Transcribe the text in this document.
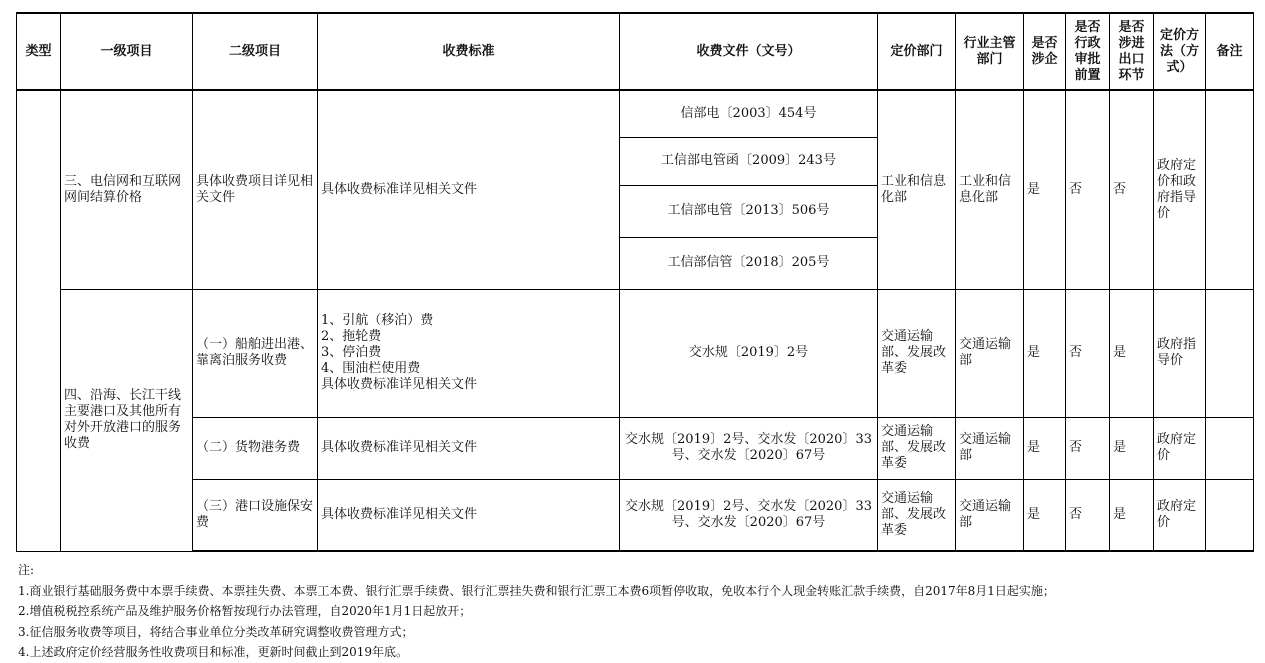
类型	一级项目	二级项目	收费标准	收费文件（文号）	定价部门	行业主管部门	是否涉企	是否行政审批前置	是否涉进出口环节	定价方法（方式）	备注
	三、电信网和互联网网间结算价格	具体收费项目详见相关文件	具体收费标准详见相关文件	信部电〔2003〕454号	工业和信息化部	工业和信息化部	是	否	否	政府定价和政府指导价	
				工信部电管函〔2009〕243号							
				工信部电管〔2013〕506号							
				工信部信管〔2018〕205号							
	四、沿海、长江干线主要港口及其他所有对外开放港口的服务收费	（一）船舶进出港、靠离泊服务收费	1、引航（移泊）费
2、拖轮费
3、停泊费
4、围油栏使用费
具体收费标准详见相关文件	交水规〔2019〕2号	交通运输部、发展改革委	交通运输部	是	否	是	政府指导价	
		（二）货物港务费	具体收费标准详见相关文件	交水规〔2019〕2号、交水发〔2020〕33号、交水发〔2020〕67号	交通运输部、发展改革委	交通运输部	是	否	是	政府定价	
		（三）港口设施保安费	具体收费标准详见相关文件	交水规〔2019〕2号、交水发〔2020〕33号、交水发〔2020〕67号	交通运输部、发展改革委	交通运输部	是	否	是	政府定价	
注:
1.商业银行基础服务费中本票手续费、本票挂失费、本票工本费、银行汇票手续费、银行汇票挂失费和银行汇票工本费6项暂停收取，免收本行个人现金转账汇款手续费，自2017年8月1日起实施；
2.增值税税控系统产品及维护服务价格暂按现行办法管理，自2020年1月1日起放开；
3.征信服务收费等项目，将结合事业单位分类改革研究调整收费管理方式；
4.上述政府定价经营服务性收费项目和标准，更新时间截止到2019年底。
